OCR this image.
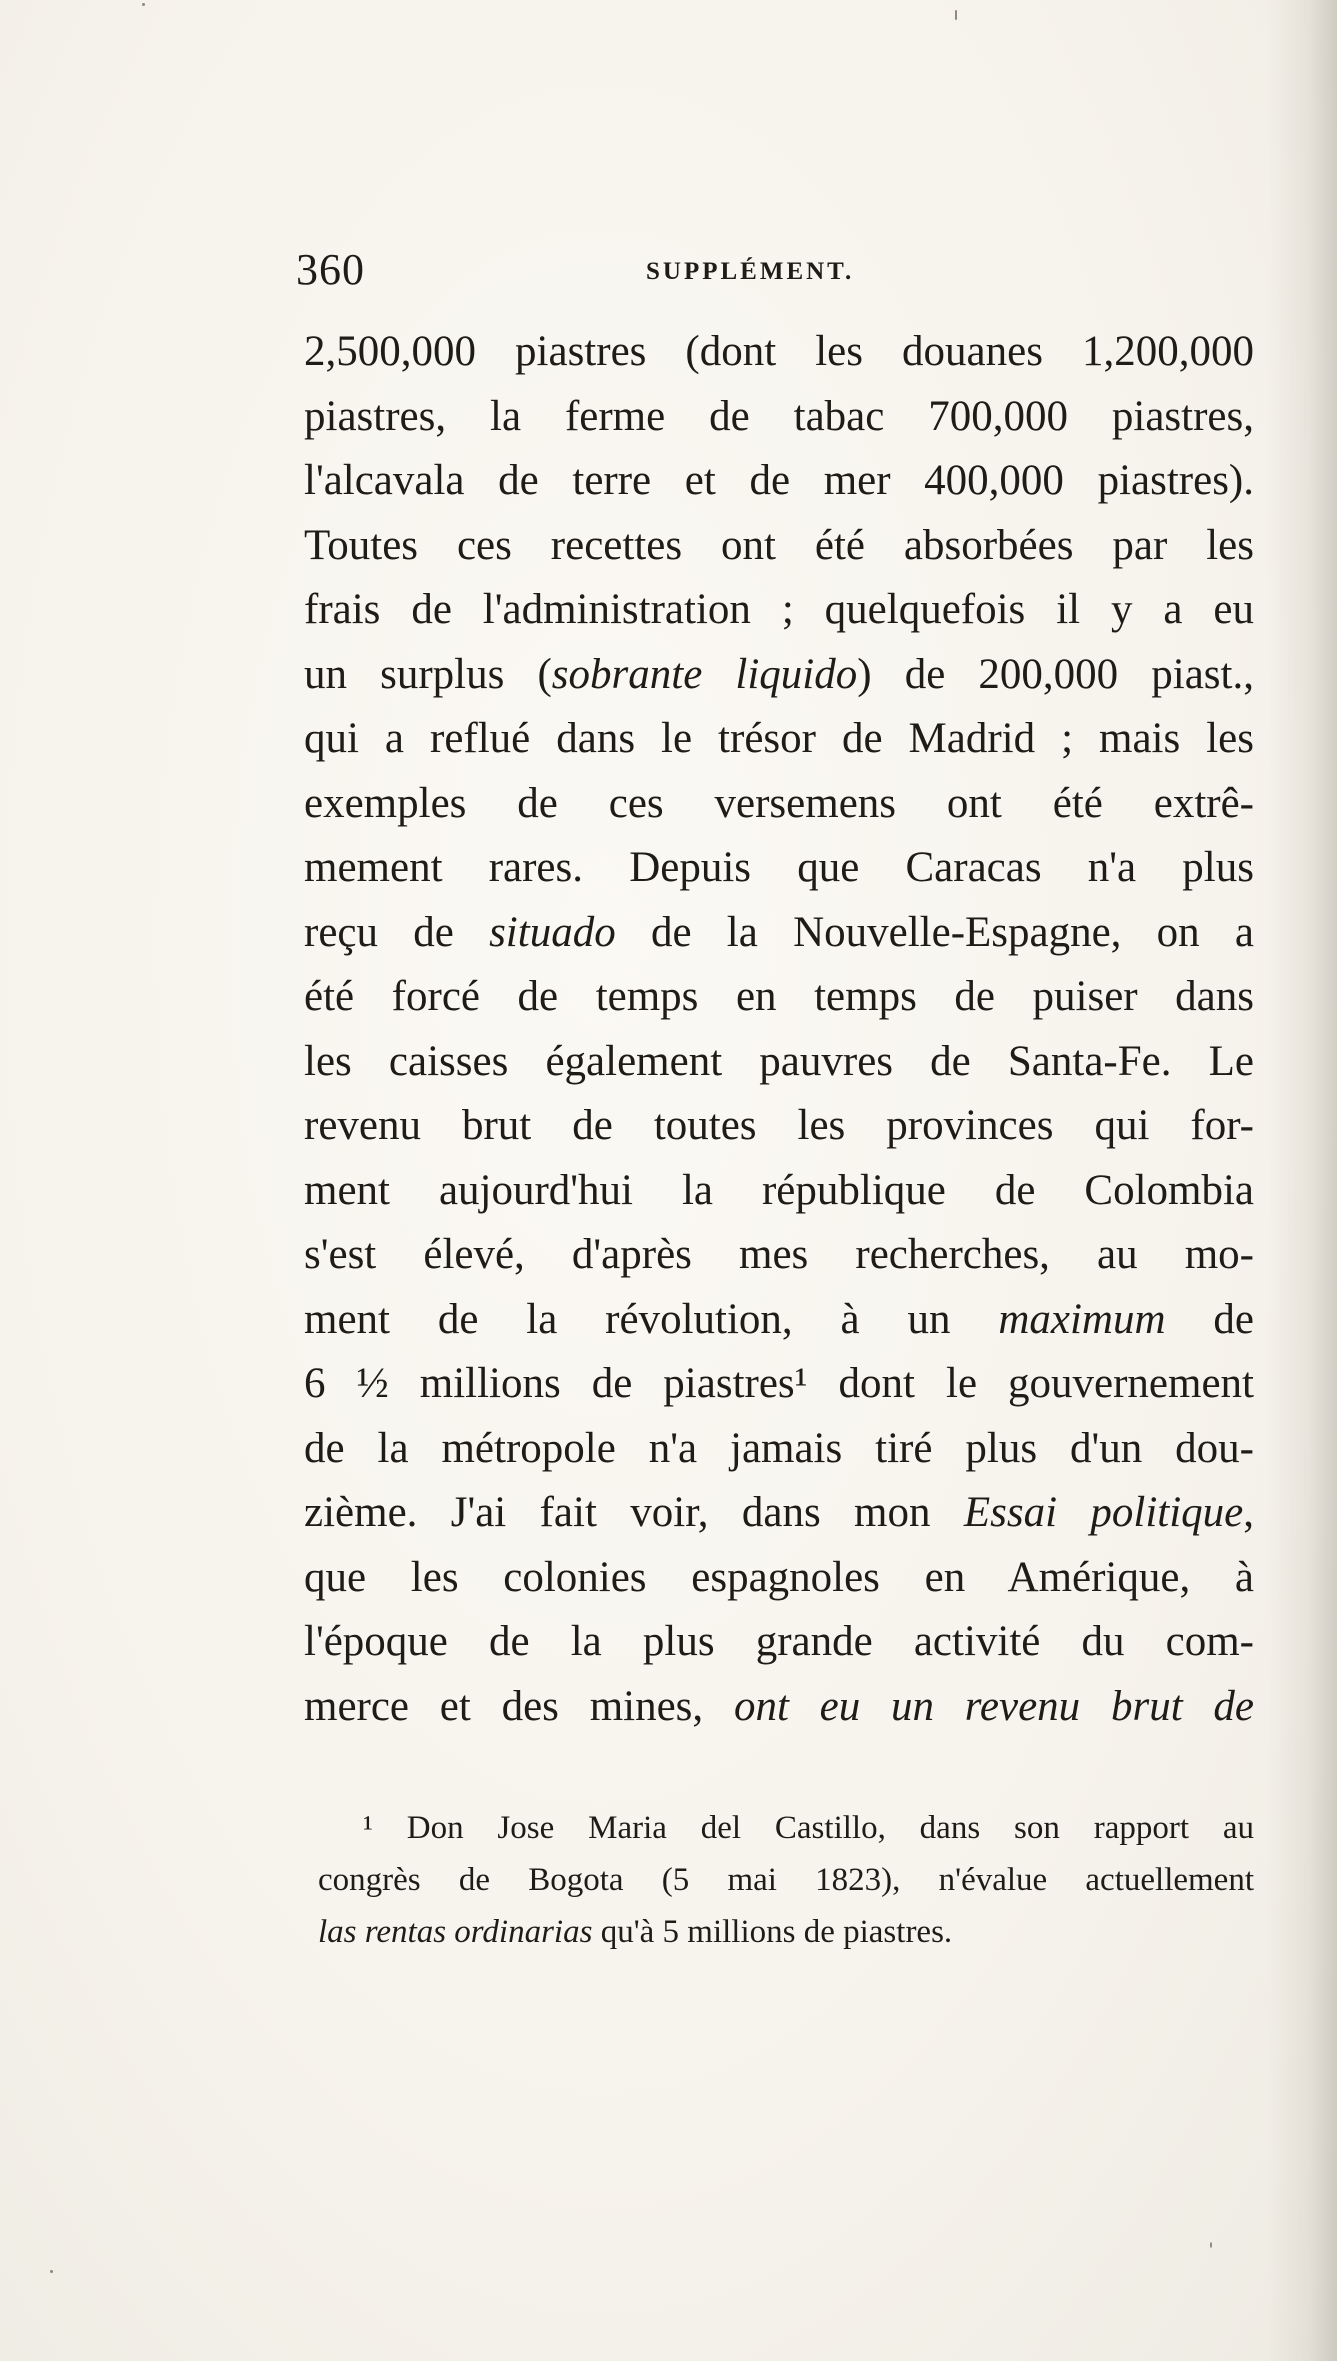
360	SUPPLÉMENT.
2,500,000 piastres (dont les douanes 1,200,000
piastres, la ferme de tabac 700,000 piastres,
l'alcavala de terre et de mer 400,000 piastres).
Toutes ces recettes ont été absorbées par les
frais de l'administration ; quelquefois il y a eu
un surplus (sobrante liquido) de 200,000 piast.,
qui a reflué dans le trésor de Madrid ; mais les
exemples de ces versemens ont été extrê-
mement rares. Depuis que Caracas n'a plus
reçu de situado de la Nouvelle-Espagne, on a
été forcé de temps en temps de puiser dans
les caisses également pauvres de Santa-Fe. Le
revenu brut de toutes les provinces qui for-
ment aujourd'hui la république de Colombia
s'est élevé, d'après mes recherches, au mo-
ment de la révolution, à un maximum de
6 ½ millions de piastres¹ dont le gouvernement
de la métropole n'a jamais tiré plus d'un dou-
zième. J'ai fait voir, dans mon Essai politique,
que les colonies espagnoles en Amérique, à
l'époque de la plus grande activité du com-
merce et des mines, ont eu un revenu brut de
¹ Don Jose Maria del Castillo, dans son rapport au
congrès de Bogota (5 mai 1823), n'évalue actuellement
las rentas ordinarias qu'à 5 millions de piastres.
